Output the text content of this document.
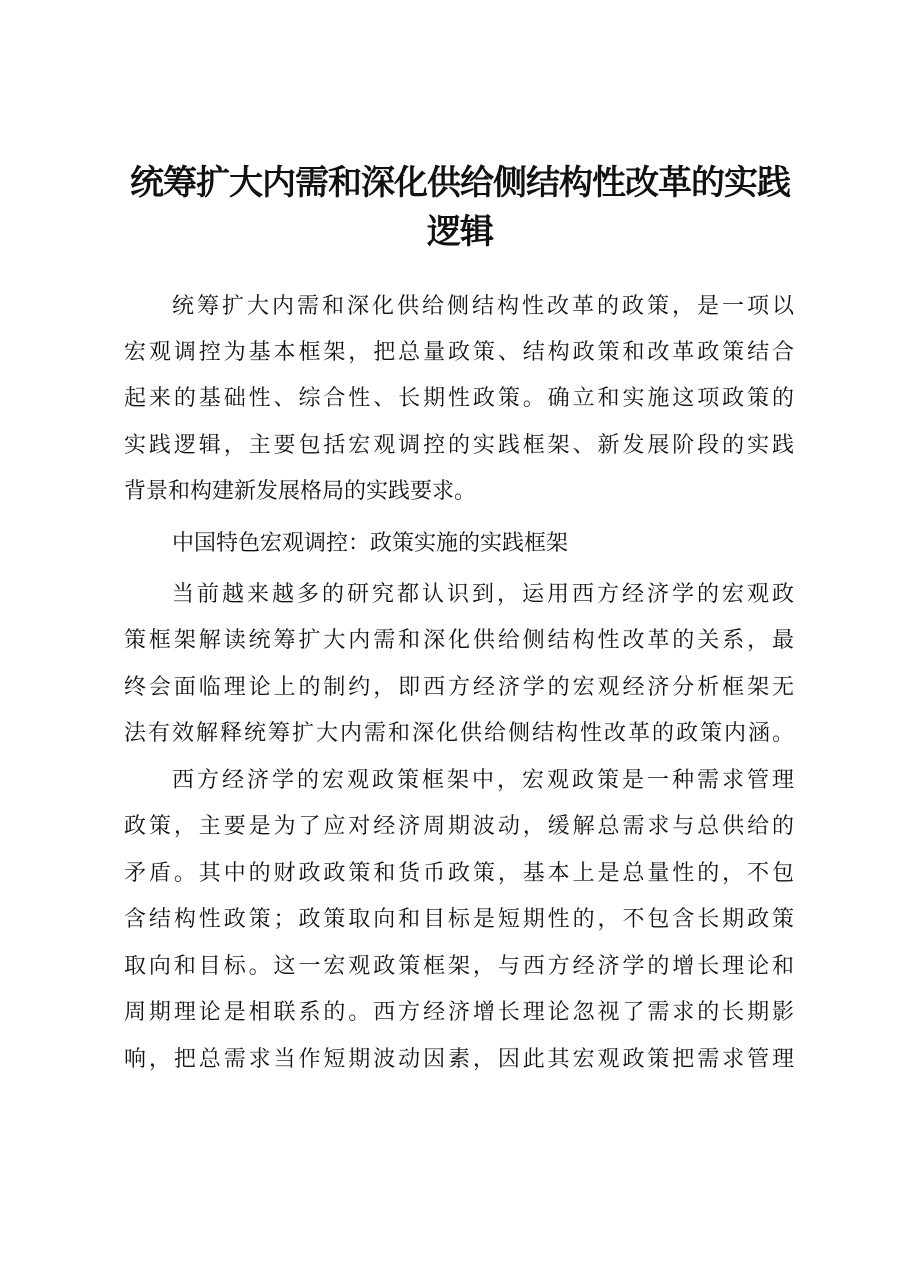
统筹扩大内需和深化供给侧结构性改革的实践
逻辑

统筹扩大内需和深化供给侧结构性改革的政策，是一项以

宏观调控为基本框架，把总量政策、结构政策和改革政策结合

起来的基础性、综合性、长期性政策。确立和实施这项政策的

实践逻辑，主要包括宏观调控的实践框架、新发展阶段的实践

背景和构建新发展格局的实践要求。

中国特色宏观调控：政策实施的实践框架

当前越来越多的研究都认识到，运用西方经济学的宏观政

策框架解读统筹扩大内需和深化供给侧结构性改革的关系，最

终会面临理论上的制约，即西方经济学的宏观经济分析框架无

法有效解释统筹扩大内需和深化供给侧结构性改革的政策内涵。

西方经济学的宏观政策框架中，宏观政策是一种需求管理

政策，主要是为了应对经济周期波动，缓解总需求与总供给的

矛盾。其中的财政政策和货币政策，基本上是总量性的，不包

含结构性政策；政策取向和目标是短期性的，不包含长期政策

取向和目标。这一宏观政策框架，与西方经济学的增长理论和

周期理论是相联系的。西方经济增长理论忽视了需求的长期影

响，把总需求当作短期波动因素，因此其宏观政策把需求管理
